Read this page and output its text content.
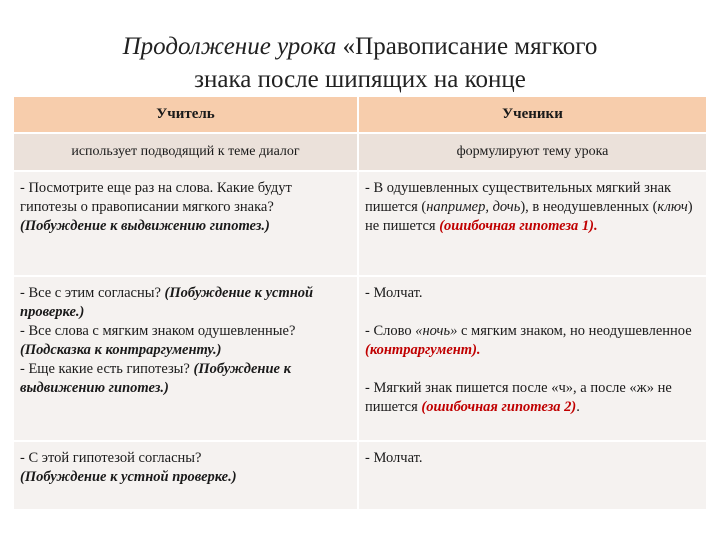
Продолжение урока «Правописание мягкого
знака после шипящих на конце
Учитель	Ученики
использует подводящий к теме диалог	формулируют тему урока
- Посмотрите еще раз на слова. Какие будут гипотезы о правописании мягкого знака? (Побуждение к выдвижению гипотез.)
- В одушевленных существительных мягкий знак пишется (например, дочь), в неодушевленных (ключ) не пишется (ошибочная гипотеза 1).
- Все с этим согласны? (Побуждение к устной проверке.)
- Все слова с мягким знаком одушевленные? (Подсказка к контраргументу.)
- Еще какие есть гипотезы? (Побуждение к выдвижению гипотез.)
- Молчат.
- Слово «ночь» с мягким знаком, но неодушевленное (контраргумент).
- Мягкий знак пишется после «ч», а после «ж» не пишется (ошибочная гипотеза 2).
- С этой гипотезой согласны?
(Побуждение к устной проверке.)
- Молчат.
